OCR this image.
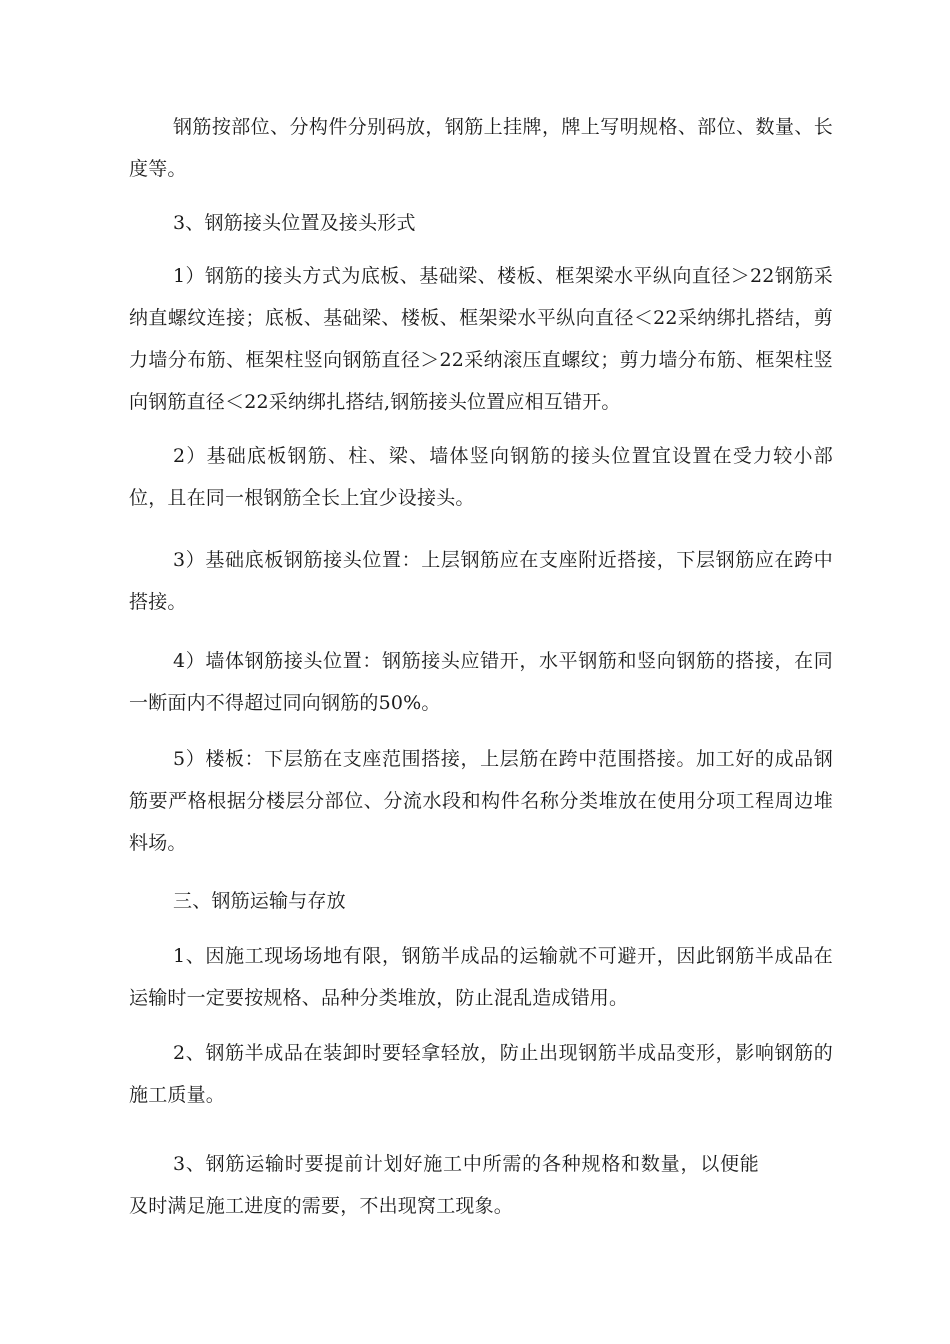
钢筋按部位、分构件分别码放，钢筋上挂牌，牌上写明规格、部位、数量、长度等。

3、钢筋接头位置及接头形式

1）钢筋的接头方式为底板、基础梁、楼板、框架梁水平纵向直径＞22钢筋采纳直螺纹连接；底板、基础梁、楼板、框架梁水平纵向直径＜22采纳绑扎搭结，剪力墙分布筋、框架柱竖向钢筋直径＞22采纳滚压直螺纹；剪力墙分布筋、框架柱竖向钢筋直径＜22采纳绑扎搭结,钢筋接头位置应相互错开。

2）基础底板钢筋、柱、梁、墙体竖向钢筋的接头位置宜设置在受力较小部位，且在同一根钢筋全长上宜少设接头。

3）基础底板钢筋接头位置：上层钢筋应在支座附近搭接，下层钢筋应在跨中搭接。

4）墙体钢筋接头位置：钢筋接头应错开，水平钢筋和竖向钢筋的搭接，在同一断面内不得超过同向钢筋的50%。

5）楼板：下层筋在支座范围搭接，上层筋在跨中范围搭接。加工好的成品钢筋要严格根据分楼层分部位、分流水段和构件名称分类堆放在使用分项工程周边堆料场。

三、钢筋运输与存放

1、因施工现场场地有限，钢筋半成品的运输就不可避开，因此钢筋半成品在运输时一定要按规格、品种分类堆放，防止混乱造成错用。

2、钢筋半成品在装卸时要轻拿轻放，防止出现钢筋半成品变形，影响钢筋的施工质量。

3、钢筋运输时要提前计划好施工中所需的各种规格和数量，以便能及时满足施工进度的需要，不出现窝工现象。
